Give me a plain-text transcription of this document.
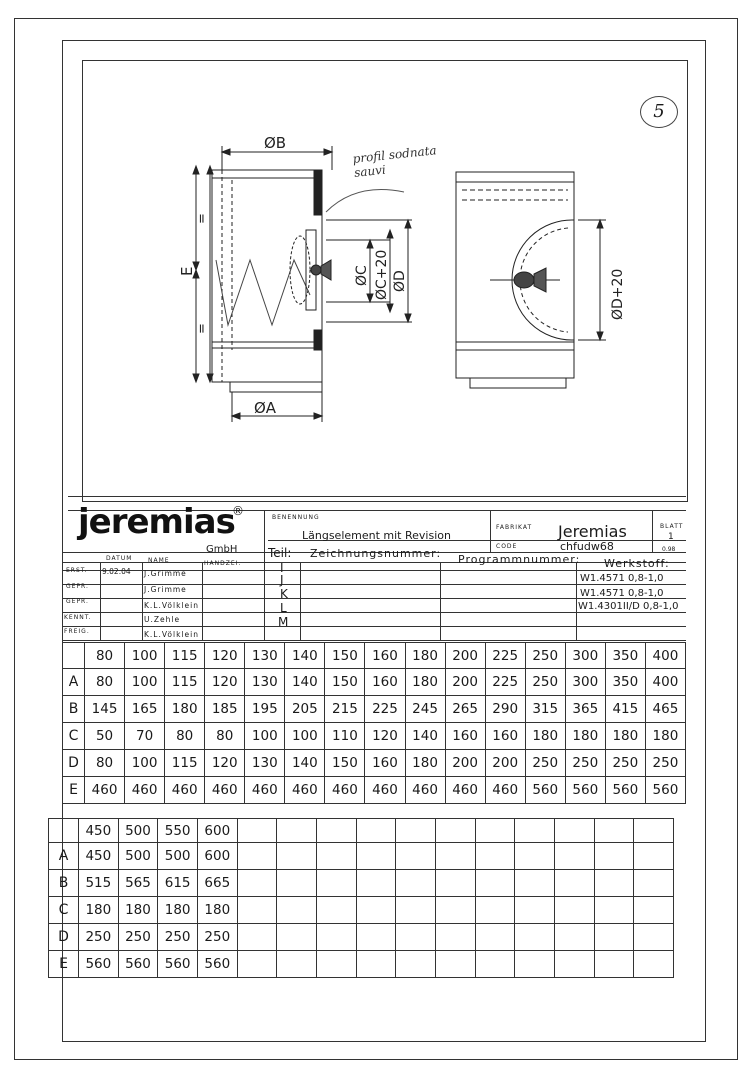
5
ØB
ØA
E
=
=
ØC ØC+20 ØD	ØD+20
profil sodnata sauvi
jeremias
®
GmbH
BENENNUNG
Längselement mit Revision
FABRIKAT Jeremias
CODE	chfudw68
BLATT
1
0.98
Teil: Zeichnungsnummer: Programmnummer: Werkstoff:
DATUM	NAME	HANDZEI.
ERST. 9.02.04 J.Grimme
GEPR.	J.Grimme
GEPR.	K.L.Völklein
KENNT.	U.Zehle
FREIG.	K.L.Völklein
I
J	W1.4571 0,8-1,0
K	W1.4571 0,8-1,0
L	W1.4301II/D 0,8-1,0
M
	80	100	115	120	130	140	150	160	180	200	225	250	300	350	400
A	80	100	115	120	130	140	150	160	180	200	225	250	300	350	400
B	145	165	180	185	195	205	215	225	245	265	290	315	365	415	465
C	50	70	80	80	100	100	110	120	140	160	160	180	180	180	180
D	80	100	115	120	130	140	150	160	180	200	200	250	250	250	250
E	460	460	460	460	460	460	460	460	460	460	460	560	560	560	560
	450	500	550	600											
A	450	500	500	600											
B	515	565	615	665											
C	180	180	180	180											
D	250	250	250	250											
E	560	560	560	560											
